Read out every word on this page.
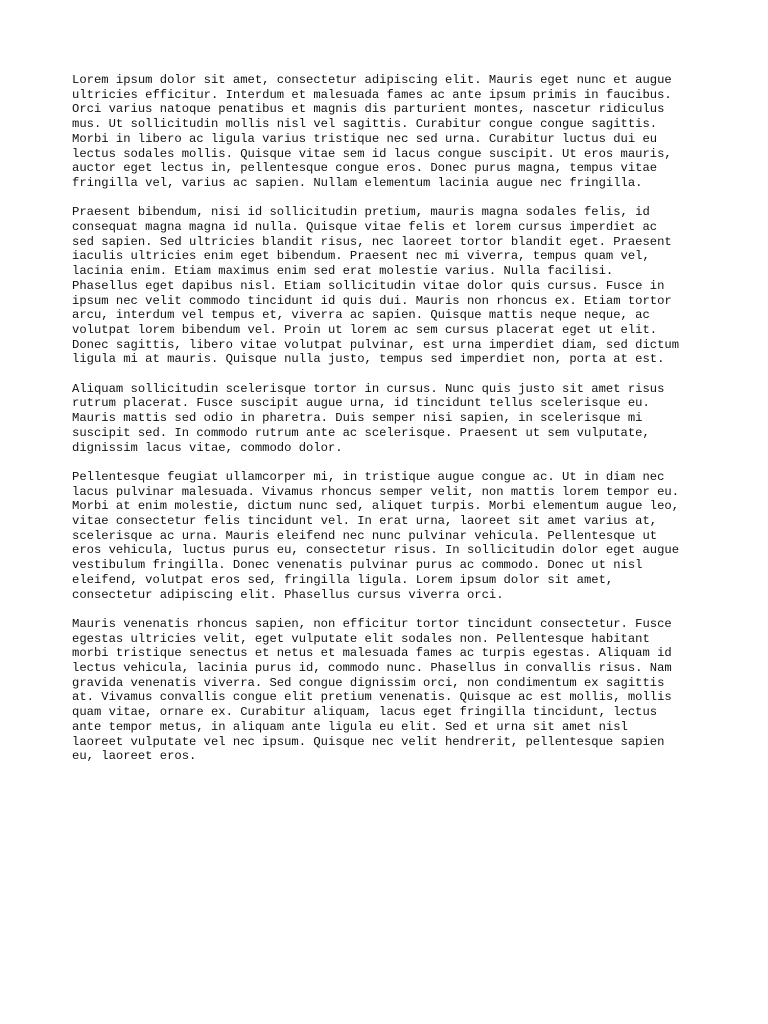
Lorem ipsum dolor sit amet, consectetur adipiscing elit. Mauris eget nunc et augue
ultricies efficitur. Interdum et malesuada fames ac ante ipsum primis in faucibus.
Orci varius natoque penatibus et magnis dis parturient montes, nascetur ridiculus
mus. Ut sollicitudin mollis nisl vel sagittis. Curabitur congue congue sagittis.
Morbi in libero ac ligula varius tristique nec sed urna. Curabitur luctus dui eu
lectus sodales mollis. Quisque vitae sem id lacus congue suscipit. Ut eros mauris,
auctor eget lectus in, pellentesque congue eros. Donec purus magna, tempus vitae
fringilla vel, varius ac sapien. Nullam elementum lacinia augue nec fringilla.
Praesent bibendum, nisi id sollicitudin pretium, mauris magna sodales felis, id
consequat magna magna id nulla. Quisque vitae felis et lorem cursus imperdiet ac
sed sapien. Sed ultricies blandit risus, nec laoreet tortor blandit eget. Praesent
iaculis ultricies enim eget bibendum. Praesent nec mi viverra, tempus quam vel,
lacinia enim. Etiam maximus enim sed erat molestie varius. Nulla facilisi.
Phasellus eget dapibus nisl. Etiam sollicitudin vitae dolor quis cursus. Fusce in
ipsum nec velit commodo tincidunt id quis dui. Mauris non rhoncus ex. Etiam tortor
arcu, interdum vel tempus et, viverra ac sapien. Quisque mattis neque neque, ac
volutpat lorem bibendum vel. Proin ut lorem ac sem cursus placerat eget ut elit.
Donec sagittis, libero vitae volutpat pulvinar, est urna imperdiet diam, sed dictum
ligula mi at mauris. Quisque nulla justo, tempus sed imperdiet non, porta at est.
Aliquam sollicitudin scelerisque tortor in cursus. Nunc quis justo sit amet risus
rutrum placerat. Fusce suscipit augue urna, id tincidunt tellus scelerisque eu.
Mauris mattis sed odio in pharetra. Duis semper nisi sapien, in scelerisque mi
suscipit sed. In commodo rutrum ante ac scelerisque. Praesent ut sem vulputate,
dignissim lacus vitae, commodo dolor.
Pellentesque feugiat ullamcorper mi, in tristique augue congue ac. Ut in diam nec
lacus pulvinar malesuada. Vivamus rhoncus semper velit, non mattis lorem tempor eu.
Morbi at enim molestie, dictum nunc sed, aliquet turpis. Morbi elementum augue leo,
vitae consectetur felis tincidunt vel. In erat urna, laoreet sit amet varius at,
scelerisque ac urna. Mauris eleifend nec nunc pulvinar vehicula. Pellentesque ut
eros vehicula, luctus purus eu, consectetur risus. In sollicitudin dolor eget augue
vestibulum fringilla. Donec venenatis pulvinar purus ac commodo. Donec ut nisl
eleifend, volutpat eros sed, fringilla ligula. Lorem ipsum dolor sit amet,
consectetur adipiscing elit. Phasellus cursus viverra orci.
Mauris venenatis rhoncus sapien, non efficitur tortor tincidunt consectetur. Fusce
egestas ultricies velit, eget vulputate elit sodales non. Pellentesque habitant
morbi tristique senectus et netus et malesuada fames ac turpis egestas. Aliquam id
lectus vehicula, lacinia purus id, commodo nunc. Phasellus in convallis risus. Nam
gravida venenatis viverra. Sed congue dignissim orci, non condimentum ex sagittis
at. Vivamus convallis congue elit pretium venenatis. Quisque ac est mollis, mollis
quam vitae, ornare ex. Curabitur aliquam, lacus eget fringilla tincidunt, lectus
ante tempor metus, in aliquam ante ligula eu elit. Sed et urna sit amet nisl
laoreet vulputate vel nec ipsum. Quisque nec velit hendrerit, pellentesque sapien
eu, laoreet eros.
